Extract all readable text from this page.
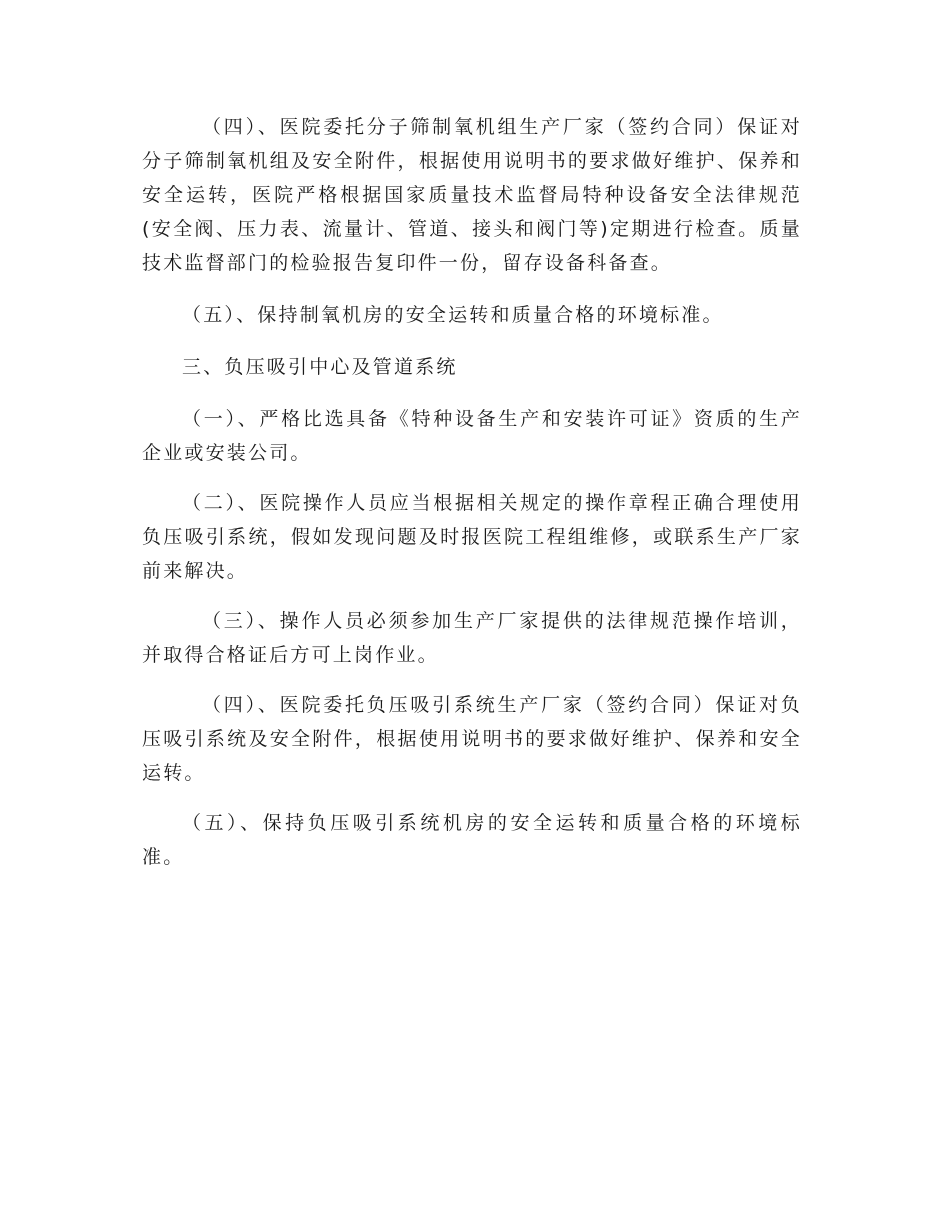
（四）、医院委托分子筛制氧机组生产厂家（签约合同）保证对分子筛制氧机组及安全附件，根据使用说明书的要求做好维护、保养和安全运转，医院严格根据国家质量技术监督局特种设备安全法律规范(安全阀、压力表、流量计、管道、接头和阀门等)定期进行检查。质量技术监督部门的检验报告复印件一份，留存设备科备查。

（五）、保持制氧机房的安全运转和质量合格的环境标准。

三、负压吸引中心及管道系统

（一）、严格比选具备《特种设备生产和安装许可证》资质的生产企业或安装公司。

（二）、医院操作人员应当根据相关规定的操作章程正确合理使用负压吸引系统，假如发现问题及时报医院工程组维修，或联系生产厂家前来解决。

（三）、操作人员必须参加生产厂家提供的法律规范操作培训，并取得合格证后方可上岗作业。

（四）、医院委托负压吸引系统生产厂家（签约合同）保证对负压吸引系统及安全附件，根据使用说明书的要求做好维护、保养和安全运转。

（五）、保持负压吸引系统机房的安全运转和质量合格的环境标准。
